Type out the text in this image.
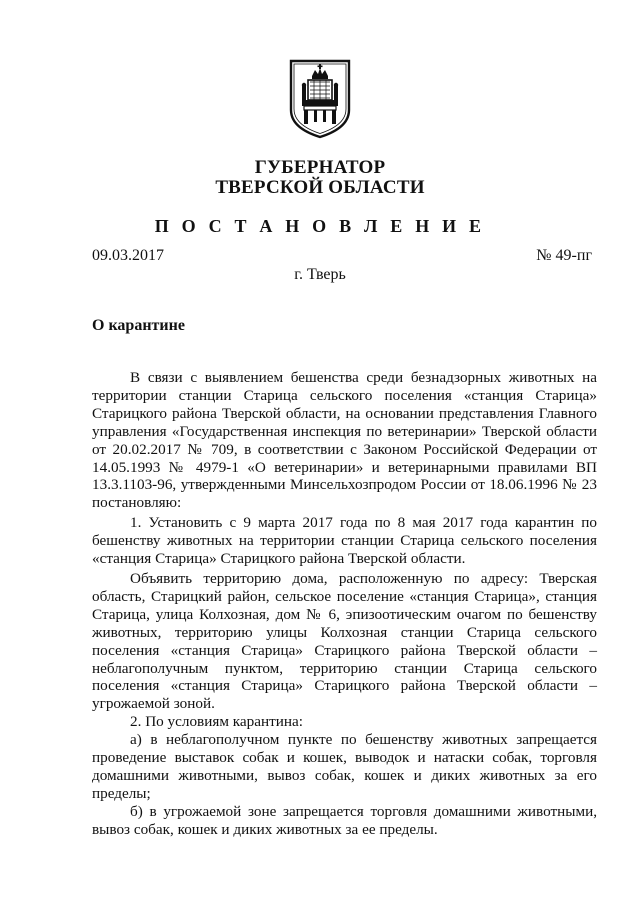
ГУБЕРНАТОР
ТВЕРСКОЙ ОБЛАСТИ
П О С Т А Н О В Л Е Н И Е
09.03.2017	№ 49-пг
г. Тверь
О карантине

В связи с выявлением бешенства среди безнадзорных животных на территории станции Старица сельского поселения «станция Старица» Старицкого района Тверской области, на основании представления Главного управления «Государственная инспекция по ветеринарии» Тверской области от 20.02.2017 № 709, в соответствии с Законом Российской Федерации от 14.05.1993 № 4979-1 «О ветеринарии» и ветеринарными правилами ВП 13.3.1103-96, утвержденными Минсельхозпродом России от 18.06.1996 № 23 постановляю:

1. Установить с 9 марта 2017 года по 8 мая 2017 года карантин по бешенству животных на территории станции Старица сельского поселения «станция Старица» Старицкого района Тверской области.

Объявить территорию дома, расположенную по адресу: Тверская область, Старицкий район, сельское поселение «станция Старица», станция Старица, улица Колхозная, дом № 6, эпизоотическим очагом по бешенству животных, территорию улицы Колхозная станции Старица сельского поселения «станция Старица» Старицкого района Тверской области – неблагополучным пунктом, территорию станции Старица сельского поселения «станция Старица» Старицкого района Тверской области – угрожаемой зоной.

2. По условиям карантина:

а) в неблагополучном пункте по бешенству животных запрещается проведение выставок собак и кошек, выводок и натаски собак, торговля домашними животными, вывоз собак, кошек и диких животных за его пределы;

б) в угрожаемой зоне запрещается торговля домашними животными, вывоз собак, кошек и диких животных за ее пределы.
